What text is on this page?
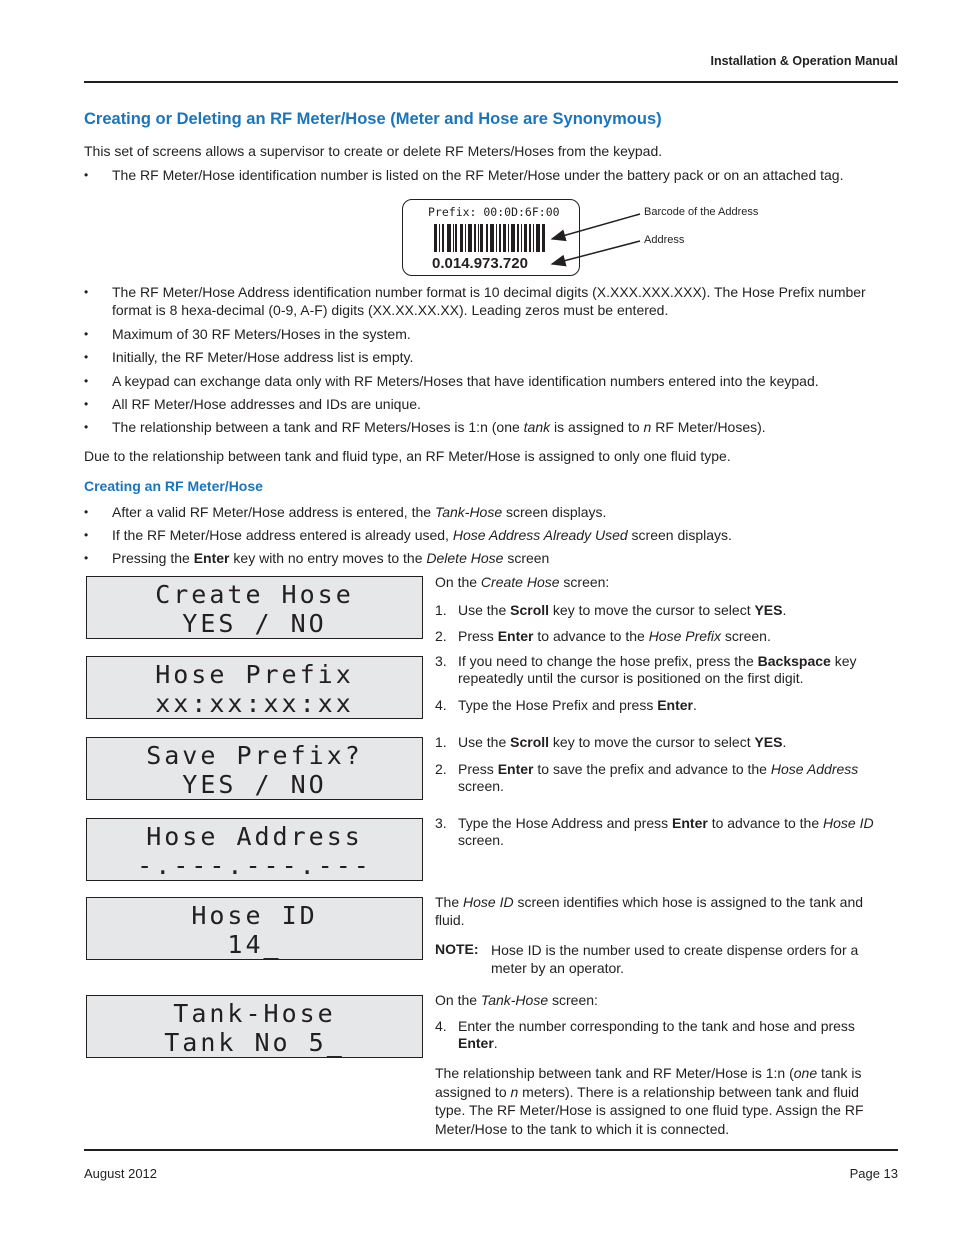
Installation & Operation Manual
Creating or Deleting an RF Meter/Hose (Meter and Hose are Synonymous)
This set of screens allows a supervisor to create or delete RF Meters/Hoses from the keypad.
• The RF Meter/Hose identification number is listed on the RF Meter/Hose under the battery pack or on an attached tag.
Prefix: 00:0D:6F:00
0.014.973.720
Barcode of the Address
Address
• The RF Meter/Hose Address identification number format is 10 decimal digits (X.XXX.XXX.XXX). The Hose Prefix number format is 8 hexa-decimal (0-9, A-F) digits (XX.XX.XX.XX). Leading zeros must be entered.
• Maximum of 30 RF Meters/Hoses in the system.
• Initially, the RF Meter/Hose address list is empty.
• A keypad can exchange data only with RF Meters/Hoses that have identification numbers entered into the keypad.
• All RF Meter/Hose addresses and IDs are unique.
• The relationship between a tank and RF Meters/Hoses is 1:n (one tank is assigned to n RF Meter/Hoses).
Due to the relationship between tank and fluid type, an RF Meter/Hose is assigned to only one fluid type.
Creating an RF Meter/Hose
• After a valid RF Meter/Hose address is entered, the Tank-Hose screen displays.
• If the RF Meter/Hose address entered is already used, Hose Address Already Used screen displays.
• Pressing the Enter key with no entry moves to the Delete Hose screen
Create Hose
YES / NO
Hose Prefix
xx:xx:xx:xx
Save Prefix?
YES / NO
Hose Address
-.---.---.---
Hose ID
14_
Tank-Hose
Tank No 5_
On the Create Hose screen:
1. Use the Scroll key to move the cursor to select YES.
2. Press Enter to advance to the Hose Prefix screen.
3. If you need to change the hose prefix, press the Backspace key repeatedly until the cursor is positioned on the first digit.
4. Type the Hose Prefix and press Enter.
1. Use the Scroll key to move the cursor to select YES.
2. Press Enter to save the prefix and advance to the Hose Address screen.
3. Type the Hose Address and press Enter to advance to the Hose ID screen.
The Hose ID screen identifies which hose is assigned to the tank and fluid.
NOTE: Hose ID is the number used to create dispense orders for a meter by an operator.
On the Tank-Hose screen:
4. Enter the number corresponding to the tank and hose and press Enter.
The relationship between tank and RF Meter/Hose is 1:n (one tank is assigned to n meters). There is a relationship between tank and fluid type. The RF Meter/Hose is assigned to one fluid type. Assign the RF Meter/Hose to the tank to which it is connected.
August 2012	Page 13
